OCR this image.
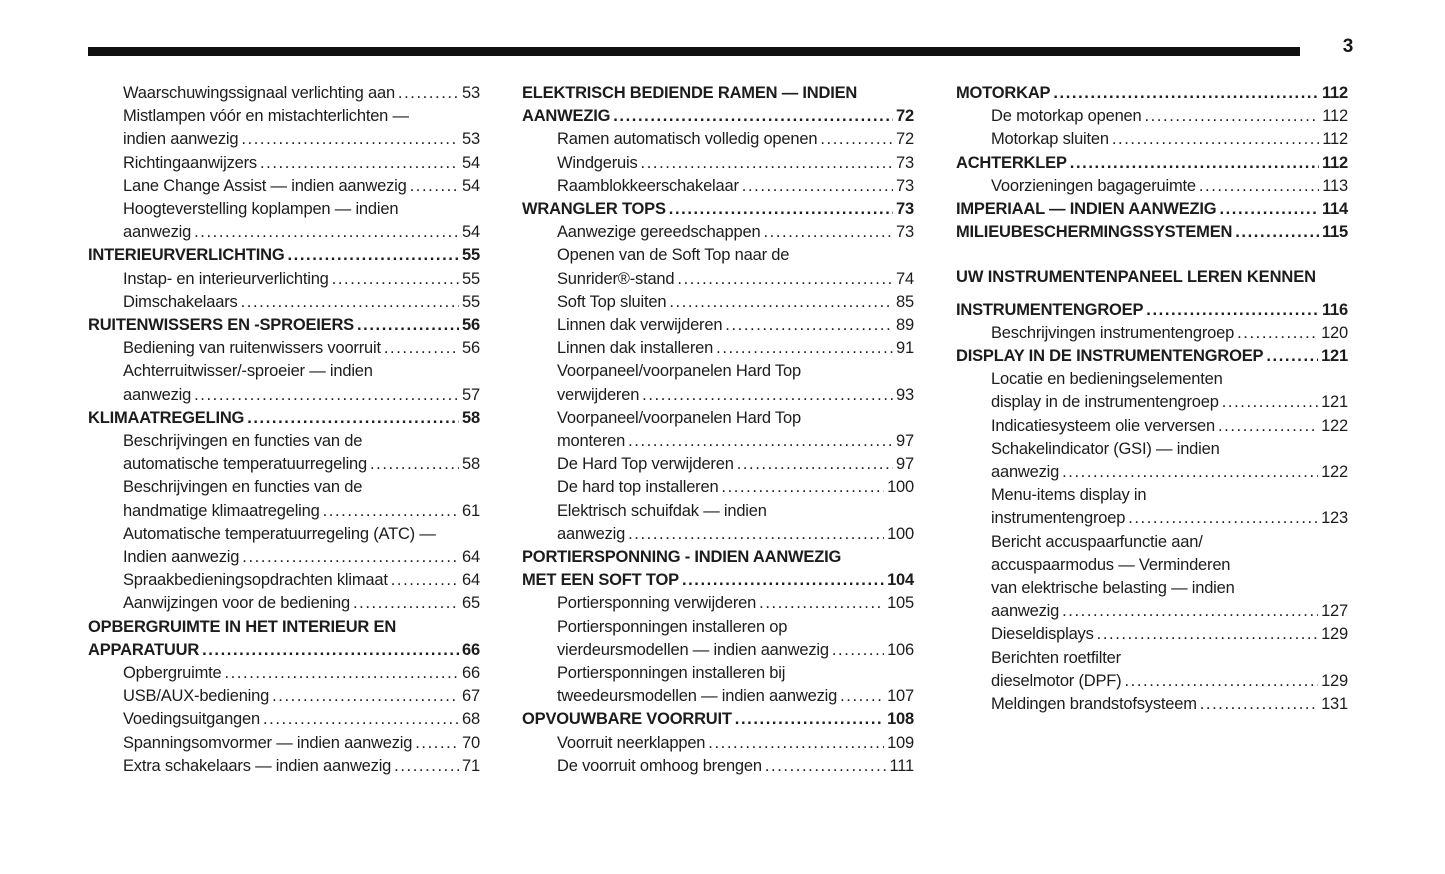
3
Waarschuwingssignaal verlichting aan .....	53
Mistlampen vóór en mistachterlichten —
indien aanwezig .....	53
Richtingaanwijzers .....	54
Lane Change Assist — indien aanwezig .....	54
Hoogteverstelling koplampen — indien
aanwezig .....	54
INTERIEURVERLICHTING .....	55
Instap- en interieurverlichting .....	55
Dimschakelaars .....	55
RUITENWISSERS EN -SPROEIERS .....	56
Bediening van ruitenwissers voorruit .....	56
Achterruitwisser/-sproeier — indien
aanwezig .....	57
KLIMAATREGELING .....	58
Beschrijvingen en functies van de
automatische temperatuurregeling .....	58
Beschrijvingen en functies van de
handmatige klimaatregeling .....	61
Automatische temperatuurregeling (ATC) —
Indien aanwezig .....	64
Spraakbedieningsopdrachten klimaat .....	64
Aanwijzingen voor de bediening .....	65
OPBERGRUIMTE IN HET INTERIEUR EN
APPARATUUR .....	66
Opbergruimte .....	66
USB/AUX-bediening .....	67
Voedingsuitgangen .....	68
Spanningsomvormer — indien aanwezig .....	70
Extra schakelaars — indien aanwezig .....	71
ELEKTRISCH BEDIENDE RAMEN — INDIEN
AANWEZIG .....	72
Ramen automatisch volledig openen .....	72
Windgeruis .....	73
Raamblokkeerschakelaar .....	73
WRANGLER TOPS .....	73
Aanwezige gereedschappen .....	73
Openen van de Soft Top naar de
Sunrider®-stand .....	74
Soft Top sluiten .....	85
Linnen dak verwijderen .....	89
Linnen dak installeren .....	91
Voorpaneel/voorpanelen Hard Top
verwijderen .....	93
Voorpaneel/voorpanelen Hard Top
monteren .....	97
De Hard Top verwijderen .....	97
De hard top installeren .....	100
Elektrisch schuifdak — indien
aanwezig .....	100
PORTIERSPONNING - INDIEN AANWEZIG
MET EEN SOFT TOP .....	104
Portiersponning verwijderen .....	105
Portiersponningen installeren op
vierdeursmodellen — indien aanwezig .....	106
Portiersponningen installeren bij
tweedeursmodellen — indien aanwezig .....	107
OPVOUWBARE VOORRUIT .....	108
Voorruit neerklappen .....	109
De voorruit omhoog brengen .....	111
MOTORKAP .....	112
De motorkap openen .....	112
Motorkap sluiten .....	112
ACHTERKLEP .....	112
Voorzieningen bagageruimte .....	113
IMPERIAAL — INDIEN AANWEZIG .....	114
MILIEUBESCHERMINGSSYSTEMEN .....	115
UW INSTRUMENTENPANEEL LEREN KENNEN
INSTRUMENTENGROEP .....	116
Beschrijvingen instrumentengroep .....	120
DISPLAY IN DE INSTRUMENTENGROEP .....	121
Locatie en bedieningselementen
display in de instrumentengroep .....	121
Indicatiesysteem olie verversen .....	122
Schakelindicator (GSI) — indien
aanwezig .....	122
Menu-items display in
instrumentengroep .....	123
Bericht accuspaarfunctie aan/
accuspaarmodus — Verminderen
van elektrische belasting — indien
aanwezig .....	127
Dieseldisplays .....	129
Berichten roetfilter
dieselmotor (DPF) .....	129
Meldingen brandstofsysteem .....	131
